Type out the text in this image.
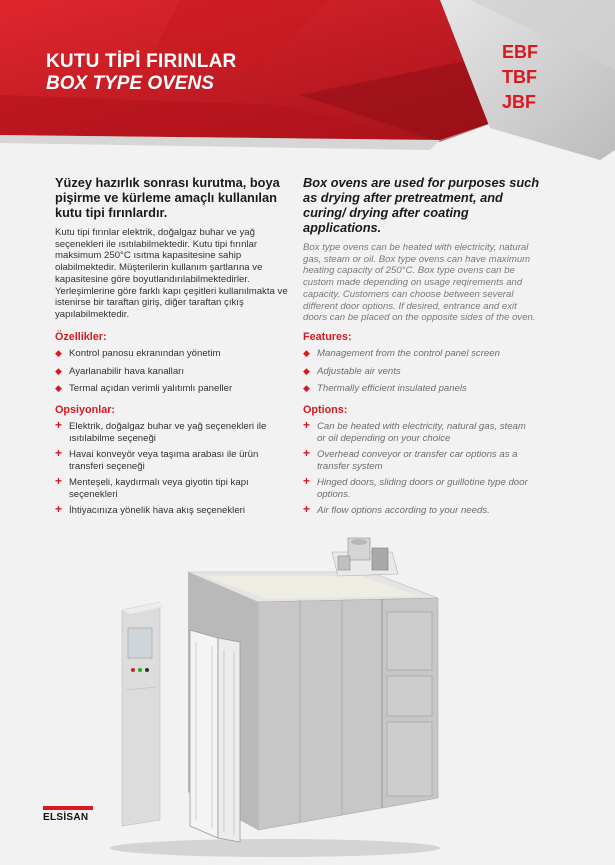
KUTU TİPİ FIRINLAR
BOX TYPE OVENS
EBF
TBF
JBF

Yüzey hazırlık sonrası kurutma, boya pişirme ve kürleme amaçlı kullanılan kutu tipi fırınlardır.

Kutu tipi fırınlar elektrik, doğalgaz buhar ve yağ seçenekleri ile ısıtılabilmektedir. Kutu tipi fırınlar maksimum 250°C ısıtma kapasitesine sahip olabilmektedir. Müşterilerin kullanım şartlarına ve kapasitesine göre boyutlandırılabilmektedirler. Yerleşimlerine göre farklı kapı çeşitleri kullanılmakta ve istenirse bir taraftan giriş, diğer taraftan çıkış yapılabilmektedir.

Özellikler:
◆ Kontrol panosu ekranından yönetim
◆ Ayarlanabilir hava kanalları
◆ Termal açıdan verimli yalıtımlı paneller
Opsiyonlar:
+ Elektrik, doğalgaz buhar ve yağ seçenekleri ile ısıtılabilme seçeneği
+ Havai konveyör veya taşıma arabası ile ürün transferi seçeneği
+ Menteşeli, kaydırmalı veya giyotin tipi kapı seçenekleri
+ İhtiyacınıza yönelik hava akış seçenekleri

Box ovens are used for purposes such as drying after pretreatment, and curing/ drying after coating applications.

Box type ovens can be heated with electricity, natural gas, steam or oil. Box type ovens can have maximum heating capacity of 250°C. Box type ovens can be custom made depending on usage reqirements and capacity. Customers can choose between several different door options. If desired, entrance and exit doors can be placed on the opposite sides of the oven.

Features:
◆ Management from the control panel screen
◆ Adjustable air vents
◆ Thermally efficient insulated panels
Options:
+ Can be heated with electricity, natural gas, steam or oil depending on your choice
+ Overhead conveyor or transfer car options as a transfer system
+ Hinged doors, sliding doors or guillotine type door options.
+ Air flow options according to your needs.
ELSİSAN
